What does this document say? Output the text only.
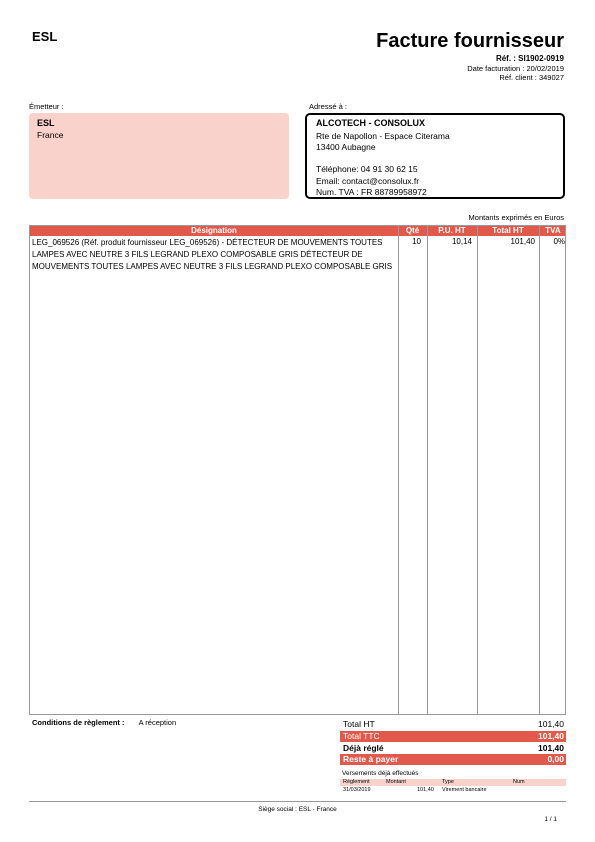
ESL	Facture fournisseur
Réf. : SI1902-0919
Date facturation : 20/02/2019
Réf. client : 349027
Émetteur :
ESL
France
Adressé à :
ALCOTECH - CONSOLUX
Rte de Napollon - Espace Citerama
13400 Aubagne
Téléphone: 04 91 30 62 15
Email: contact@consolux.fr
Num. TVA : FR 88789958972
Montants exprimés en Euros
Désignation	Qté	P.U. HT	Total HT	TVA
LEG_069526 (Réf. produit fournisseur LEG_069526) - DÉTECTEUR DE MOUVEMENTS TOUTES LAMPES AVEC NEUTRE 3 FILS LEGRAND PLEXO COMPOSABLE GRIS DÉTECTEUR DE MOUVEMENTS TOUTES LAMPES AVEC NEUTRE 3 FILS LEGRAND PLEXO COMPOSABLE GRIS
10	10,14	101,40	0%
Conditions de règlement : A réception	Total HT	101,40
Total TTC	101,40
Déjà réglé	101,40
Reste à payer	0,00
Versements déjà effectués
Règlement	Montant	Type	Num
31/03/2019	101,40 Virement bancaire
Siège social : ESL - France
1 / 1
